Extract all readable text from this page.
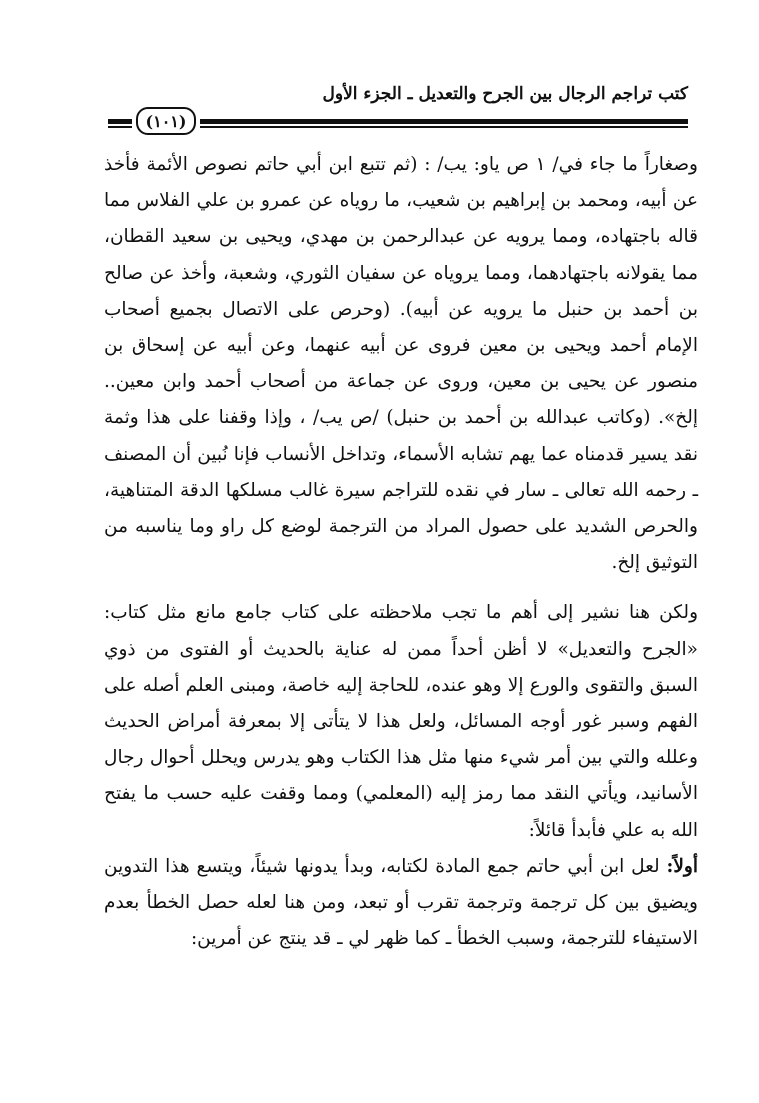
كتب تراجم الرجال بين الجرح والتعديل ـ الجزء الأول
(١٠١)

وصغاراً ما جاء في/ ١ ص ياو: يب/ : (ثم تتبع ابن أبي حاتم نصوص الأئمة فأخذ عن أبيه، ومحمد بن إبراهيم بن شعيب، ما روياه عن عمرو بن علي الفلاس مما قاله باجتهاده، ومما يرويه عن عبدالرحمن بن مهدي، ويحيى بن سعيد القطان، مما يقولانه باجتهادهما، ومما يروياه عن سفيان الثوري، وشعبة، وأخذ عن صالح بن أحمد بن حنبل ما يرويه عن أبيه). (وحرص على الاتصال بجميع أصحاب الإمام أحمد ويحيى بن معين فروى عن أبيه عنهما، وعن أبيه عن إسحاق بن منصور عن يحيى بن معين، وروى عن جماعة من أصحاب أحمد وابن معين.. إلخ». (وكاتب عبدالله بن أحمد بن حنبل) /ص يب/ ، وإذا وقفنا على هذا وثمة نقد يسير قدمناه عما يهم تشابه الأسماء، وتداخل الأنساب فإنا نُبين أن المصنف ـ رحمه الله تعالى ـ سار في نقده للتراجم سيرة غالب مسلكها الدقة المتناهية، والحرص الشديد على حصول المراد من الترجمة لوضع كل راو وما يناسبه من التوثيق إلخ.

ولكن هنا نشير إلى أهم ما تجب ملاحظته على كتاب جامع مانع مثل كتاب: «الجرح والتعديل» لا أظن أحداً ممن له عناية بالحديث أو الفتوى من ذوي السبق والتقوى والورع إلا وهو عنده، للحاجة إليه خاصة، ومبنى العلم أصله على الفهم وسبر غور أوجه المسائل، ولعل هذا لا يتأتى إلا بمعرفة أمراض الحديث وعلله والتي بين أمر شيء منها مثل هذا الكتاب وهو يدرس ويحلل أحوال رجال الأسانيد، ويأتي النقد مما رمز إليه (المعلمي) ومما وقفت عليه حسب ما يفتح الله به علي فأبدأ قائلاً:

أولاً: لعل ابن أبي حاتم جمع المادة لكتابه، وبدأ يدونها شيئاً، ويتسع هذا التدوين ويضيق بين كل ترجمة وترجمة تقرب أو تبعد، ومن هنا لعله حصل الخطأ بعدم الاستيفاء للترجمة، وسبب الخطأ ـ كما ظهر لي ـ قد ينتج عن أمرين:
